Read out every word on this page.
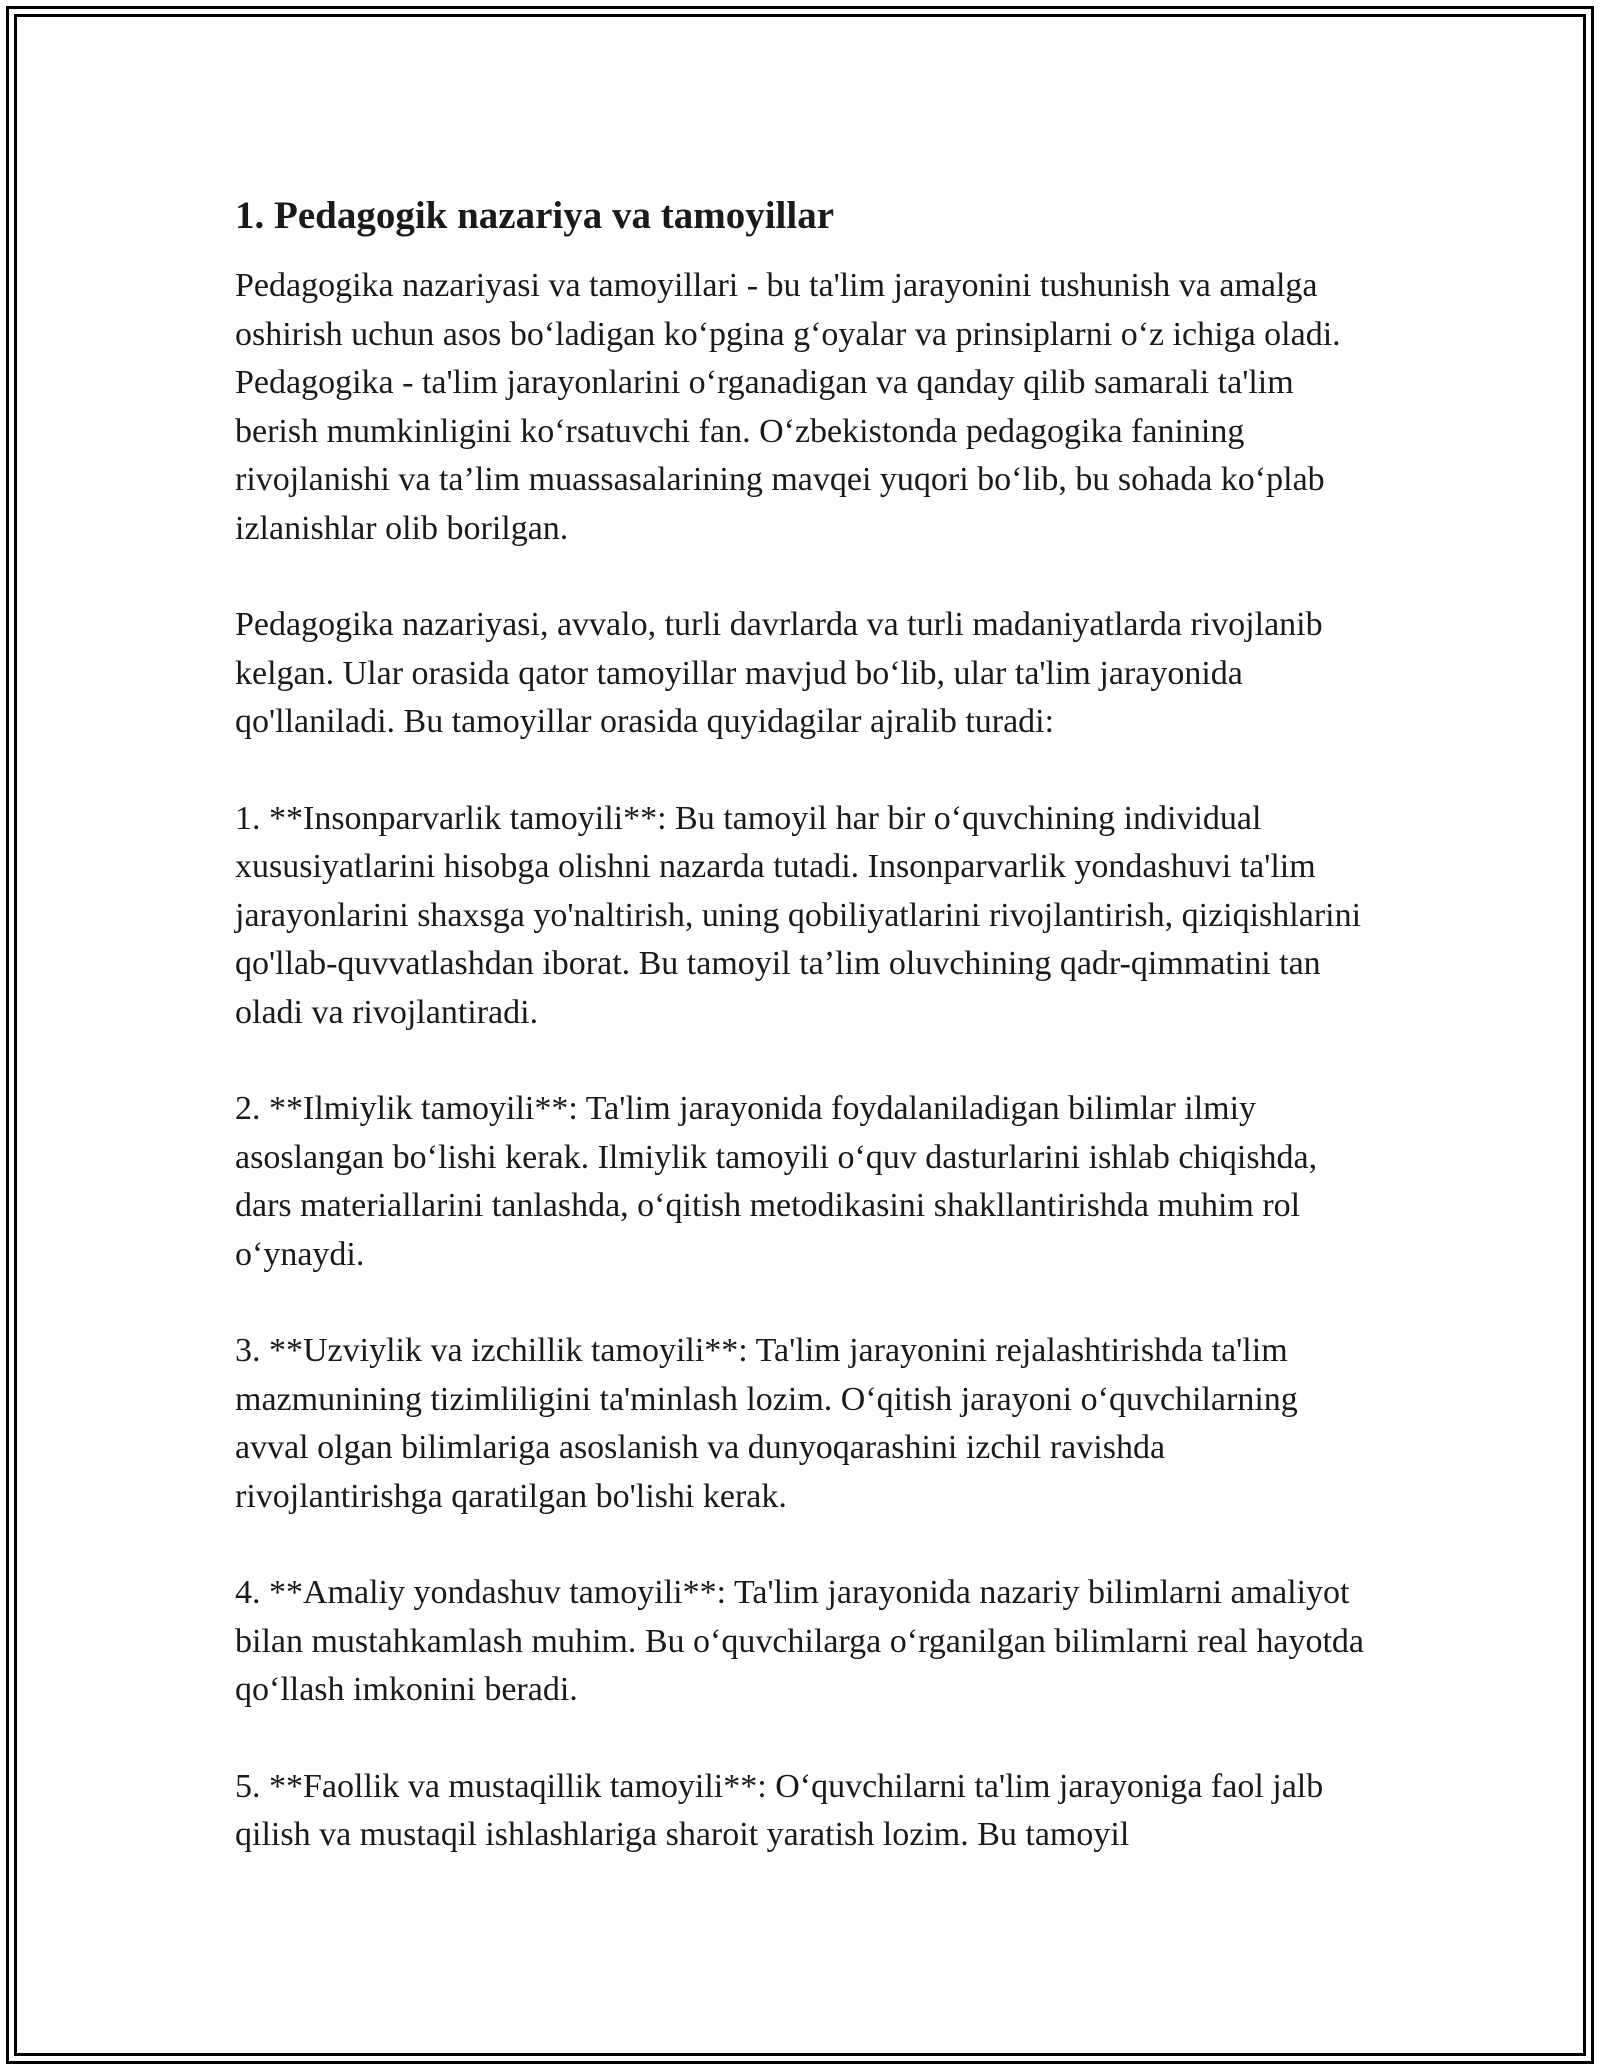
1. Pedagogik nazariya va tamoyillar

Pedagogika nazariyasi va tamoyillari - bu ta'lim jarayonini tushunish va amalga oshirish uchun asos bo‘ladigan ko‘pgina g‘oyalar va prinsiplarni o‘z ichiga oladi. Pedagogika - ta'lim jarayonlarini o‘rganadigan va qanday qilib samarali ta'lim berish mumkinligini ko‘rsatuvchi fan. O‘zbekistonda pedagogika fanining rivojlanishi va ta’lim muassasalarining mavqei yuqori bo‘lib, bu sohada ko‘plab izlanishlar olib borilgan.

Pedagogika nazariyasi, avvalo, turli davrlarda va turli madaniyatlarda rivojlanib kelgan. Ular orasida qator tamoyillar mavjud bo‘lib, ular ta'lim jarayonida qo'llaniladi. Bu tamoyillar orasida quyidagilar ajralib turadi:

1. **Insonparvarlik tamoyili**: Bu tamoyil har bir o‘quvchining individual xususiyatlarini hisobga olishni nazarda tutadi. Insonparvarlik yondashuvi ta'lim jarayonlarini shaxsga yo'naltirish, uning qobiliyatlarini rivojlantirish, qiziqishlarini qo'llab-quvvatlashdan iborat. Bu tamoyil ta’lim oluvchining qadr-qimmatini tan oladi va rivojlantiradi.

2. **Ilmiylik tamoyili**: Ta'lim jarayonida foydalaniladigan bilimlar ilmiy asoslangan bo‘lishi kerak. Ilmiylik tamoyili o‘quv dasturlarini ishlab chiqishda, dars materiallarini tanlashda, o‘qitish metodikasini shakllantirishda muhim rol o‘ynaydi.

3. **Uzviylik va izchillik tamoyili**: Ta'lim jarayonini rejalashtirishda ta'lim mazmunining tizimliligini ta'minlash lozim. O‘qitish jarayoni o‘quvchilarning avval olgan bilimlariga asoslanish va dunyoqarashini izchil ravishda rivojlantirishga qaratilgan bo'lishi kerak.

4. **Amaliy yondashuv tamoyili**: Ta'lim jarayonida nazariy bilimlarni amaliyot bilan mustahkamlash muhim. Bu o‘quvchilarga o‘rganilgan bilimlarni real hayotda qo‘llash imkonini beradi.

5. **Faollik va mustaqillik tamoyili**: O‘quvchilarni ta'lim jarayoniga faol jalb qilish va mustaqil ishlashlariga sharoit yaratish lozim. Bu tamoyil
